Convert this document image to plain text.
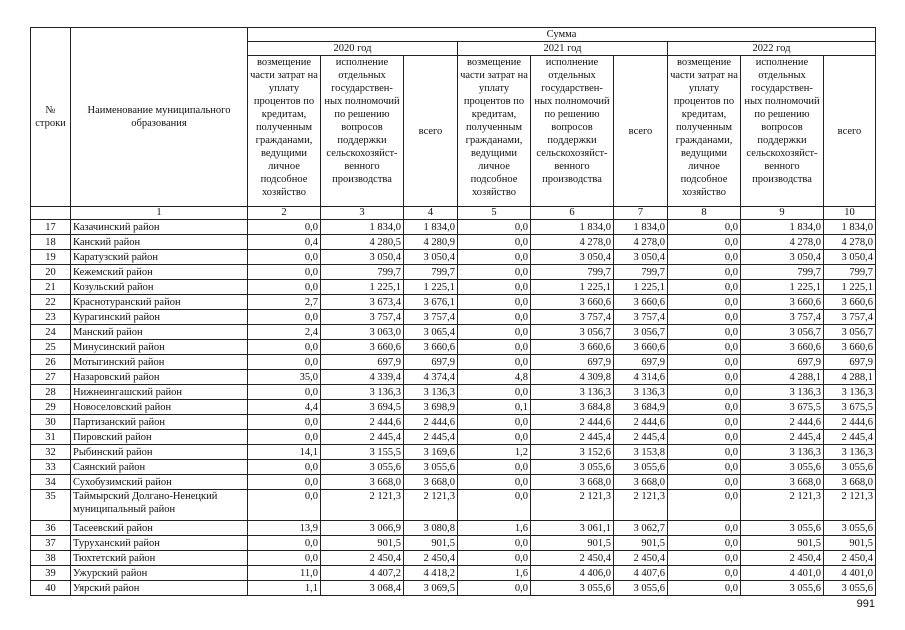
№ строки	Наименование муниципального образования	Сумма								
		2020 год			2021 год			2022 год		
		возмещение части затрат на уплату процентов по кредитам, полученным гражданами, ведущими личное подсобное хозяйство	исполнение отдельных государствен-ных полномочий по решению вопросов поддержки сельскохозяйст-венного производства	всего	возмещение части затрат на уплату процентов по кредитам, полученным гражданами, ведущими личное подсобное хозяйство	исполнение отдельных государствен-ных полномочий по решению вопросов поддержки сельскохозяйст-венного производства	всего	возмещение части затрат на уплату процентов по кредитам, полученным гражданами, ведущими личное подсобное хозяйство	исполнение отдельных государствен-ных полномочий по решению вопросов поддержки сельскохозяйст-венного производства	всего
	1	2	3	4	5	6	7	8	9	10
17	Казачинский район	0,0	1 834,0	1 834,0	0,0	1 834,0	1 834,0	0,0	1 834,0	1 834,0
18	Канский район	0,4	4 280,5	4 280,9	0,0	4 278,0	4 278,0	0,0	4 278,0	4 278,0
19	Каратузский район	0,0	3 050,4	3 050,4	0,0	3 050,4	3 050,4	0,0	3 050,4	3 050,4
20	Кежемский район	0,0	799,7	799,7	0,0	799,7	799,7	0,0	799,7	799,7
21	Козульский район	0,0	1 225,1	1 225,1	0,0	1 225,1	1 225,1	0,0	1 225,1	1 225,1
22	Краснотуранский район	2,7	3 673,4	3 676,1	0,0	3 660,6	3 660,6	0,0	3 660,6	3 660,6
23	Курагинский район	0,0	3 757,4	3 757,4	0,0	3 757,4	3 757,4	0,0	3 757,4	3 757,4
24	Манский район	2,4	3 063,0	3 065,4	0,0	3 056,7	3 056,7	0,0	3 056,7	3 056,7
25	Минусинский район	0,0	3 660,6	3 660,6	0,0	3 660,6	3 660,6	0,0	3 660,6	3 660,6
26	Мотыгинский район	0,0	697,9	697,9	0,0	697,9	697,9	0,0	697,9	697,9
27	Назаровский район	35,0	4 339,4	4 374,4	4,8	4 309,8	4 314,6	0,0	4 288,1	4 288,1
28	Нижнеингашский район	0,0	3 136,3	3 136,3	0,0	3 136,3	3 136,3	0,0	3 136,3	3 136,3
29	Новоселовский район	4,4	3 694,5	3 698,9	0,1	3 684,8	3 684,9	0,0	3 675,5	3 675,5
30	Партизанский район	0,0	2 444,6	2 444,6	0,0	2 444,6	2 444,6	0,0	2 444,6	2 444,6
31	Пировский район	0,0	2 445,4	2 445,4	0,0	2 445,4	2 445,4	0,0	2 445,4	2 445,4
32	Рыбинский район	14,1	3 155,5	3 169,6	1,2	3 152,6	3 153,8	0,0	3 136,3	3 136,3
33	Саянский район	0,0	3 055,6	3 055,6	0,0	3 055,6	3 055,6	0,0	3 055,6	3 055,6
34	Сухобузимский район	0,0	3 668,0	3 668,0	0,0	3 668,0	3 668,0	0,0	3 668,0	3 668,0
35	Таймырский Долгано-Ненецкий муниципальный район	0,0	2 121,3	2 121,3	0,0	2 121,3	2 121,3	0,0	2 121,3	2 121,3
36	Тасеевский район	13,9	3 066,9	3 080,8	1,6	3 061,1	3 062,7	0,0	3 055,6	3 055,6
37	Туруханский район	0,0	901,5	901,5	0,0	901,5	901,5	0,0	901,5	901,5
38	Тюхтетский район	0,0	2 450,4	2 450,4	0,0	2 450,4	2 450,4	0,0	2 450,4	2 450,4
39	Ужурский район	11,0	4 407,2	4 418,2	1,6	4 406,0	4 407,6	0,0	4 401,0	4 401,0
40	Уярский район	1,1	3 068,4	3 069,5	0,0	3 055,6	3 055,6	0,0	3 055,6	3 055,6
991
